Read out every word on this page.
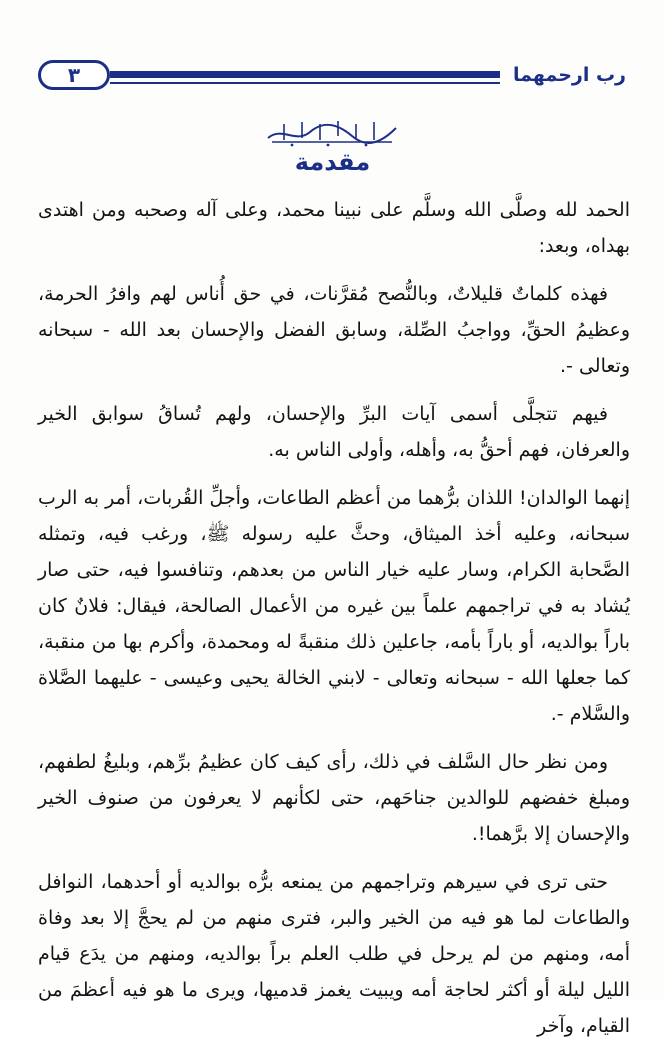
٣	رب ارحمهما
مقدمة

الحمد لله وصلَّى الله وسلَّم على نبينا محمد، وعلى آله وصحبه ومن اهتدى بهداه، وبعد:

فهذه كلماتٌ قليلاتٌ، وبالنُّصح مُقرَّنات، في حق أُناس لهم وافرُ الحرمة، وعظيمُ الحقِّ، وواجبُ الصِّلة، وسابق الفضل والإحسان بعد الله - سبحانه وتعالى -.

فيهم تتجلَّى أسمى آيات البرِّ والإحسان، ولهم تُساقُ سوابق الخير والعرفان، فهم أحقُّ به، وأهله، وأولى الناس به.

إنهما الوالدان! اللذان برُّهما من أعظم الطاعات، وأجلِّ القُربات، أمر به الرب سبحانه، وعليه أخذ الميثاق، وحثَّ عليه رسوله ﷺ، ورغب فيه، وتمثله الصَّحابة الكرام، وسار عليه خيار الناس من بعدهم، وتنافسوا فيه، حتى صار يُشاد به في تراجمهم علماً بين غيره من الأعمال الصالحة، فيقال: فلانٌ كان باراً بوالديه، أو باراً بأمه، جاعلين ذلك منقبةً له ومحمدة، وأكرم بها من منقبة، كما جعلها الله - سبحانه وتعالى - لابني الخالة يحيى وعيسى - عليهما الصَّلاة والسَّلام -.

ومن نظر حال السَّلف في ذلك، رأى كيف كان عظيمُ برِّهم، وبليغُ لطفهم، ومبلغ خفضهم للوالدين جناحَهم، حتى لكأنهم لا يعرفون من صنوف الخير والإحسان إلا برَّهما!.

حتى ترى في سيرهم وتراجمهم من يمنعه برُّه بوالديه أو أحدهما، النوافل والطاعات لما هو فيه من الخير والبر، فترى منهم من لم يحجَّ إلا بعد وفاة أمه، ومنهم من لم يرحل في طلب العلم براً بوالديه، ومنهم من يدَع قيام الليل ليلة أو أكثر لحاجة أمه ويبيت يغمز قدميها، ويرى ما هو فيه أعظمَ من القيام، وآخر
